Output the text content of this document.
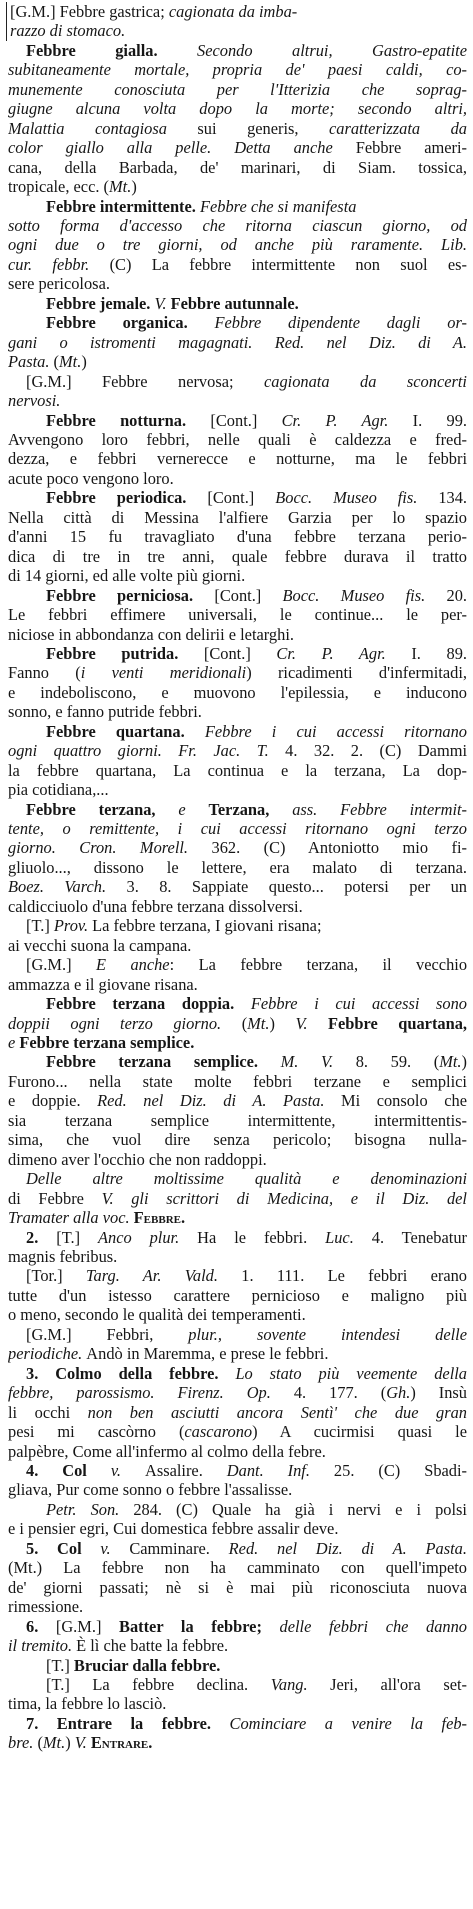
[G.M.] Febbre gastrica; cagionata da imba-
razzo di stomaco.
Febbre gialla. Secondo altrui, Gastro-epatite
subitaneamente mortale, propria de' paesi caldi, co-
munemente conosciuta per l'Itterizia che soprag-
giugne alcuna volta dopo la morte; secondo altri,
Malattia contagiosa sui generis, caratterizzata da
color giallo alla pelle. Detta anche Febbre ameri-
cana, della Barbada, de' marinari, di Siam. tossica,
tropicale, ecc. (Mt.)
Febbre intermittente. Febbre che si manifesta
sotto forma d'accesso che ritorna ciascun giorno, od
ogni due o tre giorni, od anche più raramente. Lib.
cur. febbr. (C) La febbre intermittente non suol es-
sere pericolosa.
Febbre jemale. V. Febbre autunnale.
Febbre organica. Febbre dipendente dagli or-
gani o istromenti magagnati. Red. nel Diz. di A.
Pasta. (Mt.)
[G.M.] Febbre nervosa; cagionata da sconcerti
nervosi.
Febbre notturna. [Cont.] Cr. P. Agr. I. 99.
Avvengono loro febbri, nelle quali è caldezza e fred-
dezza, e febbri vernerecce e notturne, ma le febbri
acute poco vengono loro.
Febbre periodica. [Cont.] Bocc. Museo fis. 134.
Nella città di Messina l'alfiere Garzia per lo spazio
d'anni 15 fu travagliato d'una febbre terzana perio-
dica di tre in tre anni, quale febbre durava il tratto
di 14 giorni, ed alle volte più giorni.
Febbre perniciosa. [Cont.] Bocc. Museo fis. 20.
Le febbri effimere universali, le continue... le per-
niciose in abbondanza con delirii e letarghi.
Febbre putrida. [Cont.] Cr. P. Agr. I. 89.
Fanno (i venti meridionali) ricadimenti d'infermitadi,
e indeboliscono, e muovono l'epilessia, e inducono
sonno, e fanno putride febbri.
Febbre quartana. Febbre i cui accessi ritornano
ogni quattro giorni. Fr. Jac. T. 4. 32. 2. (C) Dammi
la febbre quartana, La continua e la terzana, La dop-
pia cotidiana,...
Febbre terzana, e Terzana, ass. Febbre intermit-
tente, o remittente, i cui accessi ritornano ogni terzo
giorno. Cron. Morell. 362. (C) Antoniotto mio fi-
gliuolo..., dissono le lettere, era malato di terzana.
Boez. Varch. 3. 8. Sappiate questo... potersi per un
caldicciuolo d'una febbre terzana dissolversi.
[T.] Prov. La febbre terzana, I giovani risana;
ai vecchi suona la campana.
[G.M.] E anche: La febbre terzana, il vecchio
ammazza e il giovane risana.
Febbre terzana doppia. Febbre i cui accessi sono
doppii ogni terzo giorno. (Mt.) V. Febbre quartana,
e Febbre terzana semplice.
Febbre terzana semplice. M. V. 8. 59. (Mt.)
Furono... nella state molte febbri terzane e semplici
e doppie. Red. nel Diz. di A. Pasta. Mi consolo che
sia terzana semplice intermittente, intermittentis-
sima, che vuol dire senza pericolo; bisogna nulla-
dimeno aver l'occhio che non raddoppi.
Delle altre moltissime qualità e denominazioni
di Febbre V. gli scrittori di Medicina, e il Diz. del
Tramater alla voc. Febbre.
2. [T.] Anco plur. Ha le febbri. Luc. 4. Tenebatur
magnis febribus.
[Tor.] Targ. Ar. Vald. 1. 111. Le febbri erano
tutte d'un istesso carattere pernicioso e maligno più
o meno, secondo le qualità dei temperamenti.
[G.M.] Febbri, plur., sovente intendesi delle
periodiche. Andò in Maremma, e prese le febbri.
3. Colmo della febbre. Lo stato più veemente della
febbre, parossismo. Firenz. Op. 4. 177. (Gh.) Insù
li occhi non ben asciutti ancora Sentì' che due gran
pesi mi cascòrno (cascarono) A cucirmisi quasi le
palpèbre, Come all'infermo al colmo della febre.
4. Col v. Assalire. Dant. Inf. 25. (C) Sbadi-
gliava, Pur come sonno o febbre l'assalisse.
Petr. Son. 284. (C) Quale ha già i nervi e i polsi
e i pensier egri, Cui domestica febbre assalir deve.
5. Col v. Camminare. Red. nel Diz. di A. Pasta.
(Mt.) La febbre non ha camminato con quell'impeto
de' giorni passati; nè si è mai più riconosciuta nuova
rimessione.
6. [G.M.] Batter la febbre; delle febbri che danno
il tremito. È lì che batte la febbre.
[T.] Bruciar dalla febbre.
[T.] La febbre declina. Vang. Jeri, all'ora set-
tima, la febbre lo lasciò.
7. Entrare la febbre. Cominciare a venire la feb-
bre. (Mt.) V. Entrare.
